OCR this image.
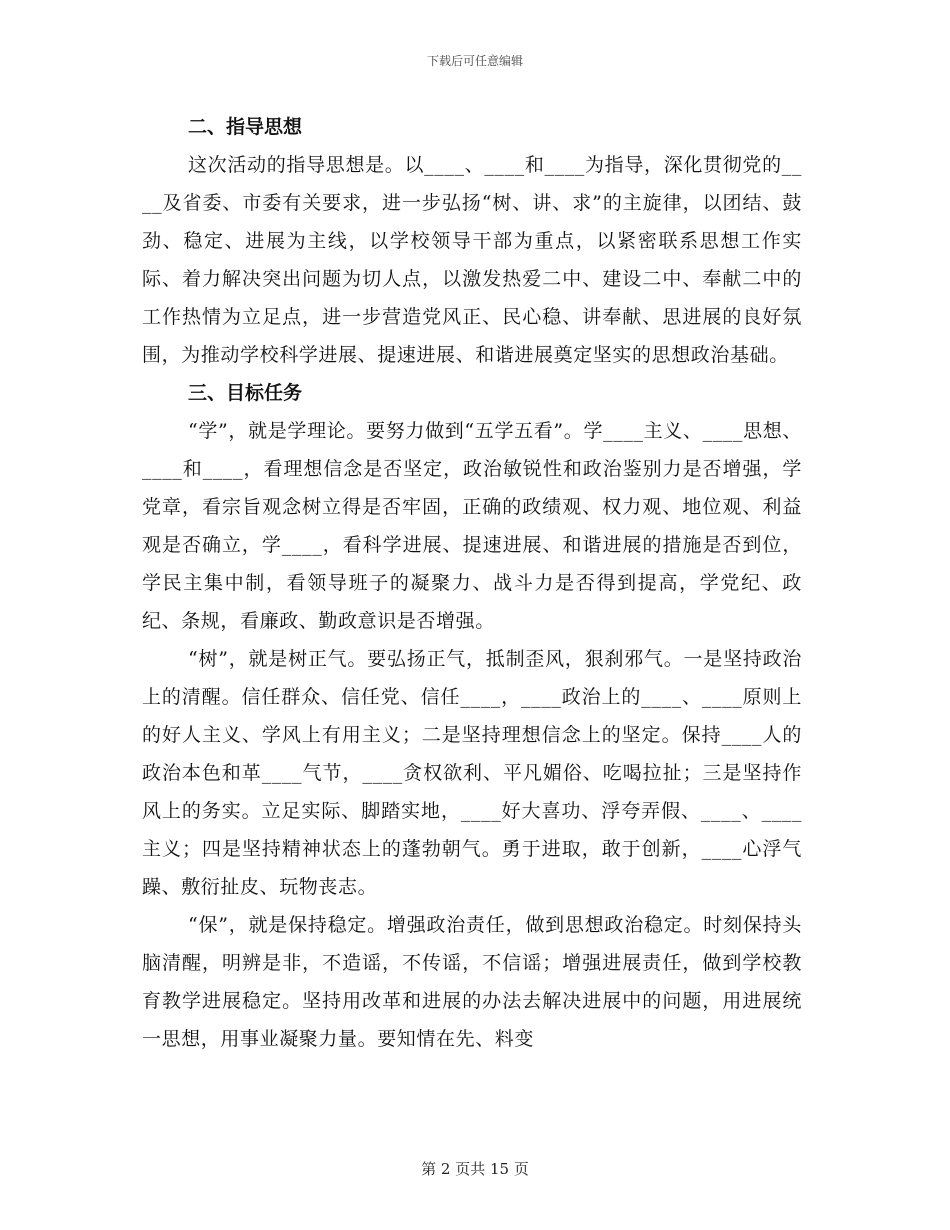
下载后可任意编辑
二、指导思想

这次活动的指导思想是。以____、____和____为指导，深化贯彻党的____及省委、市委有关要求，进一步弘扬“树、讲、求”的主旋律，以团结、鼓劲、稳定、进展为主线，以学校领导干部为重点，以紧密联系思想工作实际、着力解决突出问题为切人点，以激发热爱二中、建设二中、奉献二中的工作热情为立足点，进一步营造党风正、民心稳、讲奉献、思进展的良好氛围，为推动学校科学进展、提速进展、和谐进展奠定坚实的思想政治基础。

三、目标任务

“学”，就是学理论。要努力做到“五学五看”。学____主义、____思想、____和____，看理想信念是否坚定，政治敏锐性和政治鉴别力是否增强，学党章，看宗旨观念树立得是否牢固，正确的政绩观、权力观、地位观、利益观是否确立，学____，看科学进展、提速进展、和谐进展的措施是否到位，学民主集中制，看领导班子的凝聚力、战斗力是否得到提高，学党纪、政纪、条规，看廉政、勤政意识是否增强。

“树”，就是树正气。要弘扬正气，抵制歪风，狠刹邪气。一是坚持政治上的清醒。信任群众、信任党、信任____，____政治上的____、____原则上的好人主义、学风上有用主义；二是坚持理想信念上的坚定。保持____人的政治本色和革____气节，____贪权欲利、平凡媚俗、吃喝拉扯；三是坚持作风上的务实。立足实际、脚踏实地，____好大喜功、浮夸弄假、____、____主义；四是坚持精神状态上的蓬勃朝气。勇于进取，敢于创新，____心浮气躁、敷衍扯皮、玩物丧志。

“保”，就是保持稳定。增强政治责任，做到思想政治稳定。时刻保持头脑清醒，明辨是非，不造谣，不传谣，不信谣；增强进展责任，做到学校教育教学进展稳定。坚持用改革和进展的办法去解决进展中的问题，用进展统一思想，用事业凝聚力量。要知情在先、料变

第 2 页共 15 页
